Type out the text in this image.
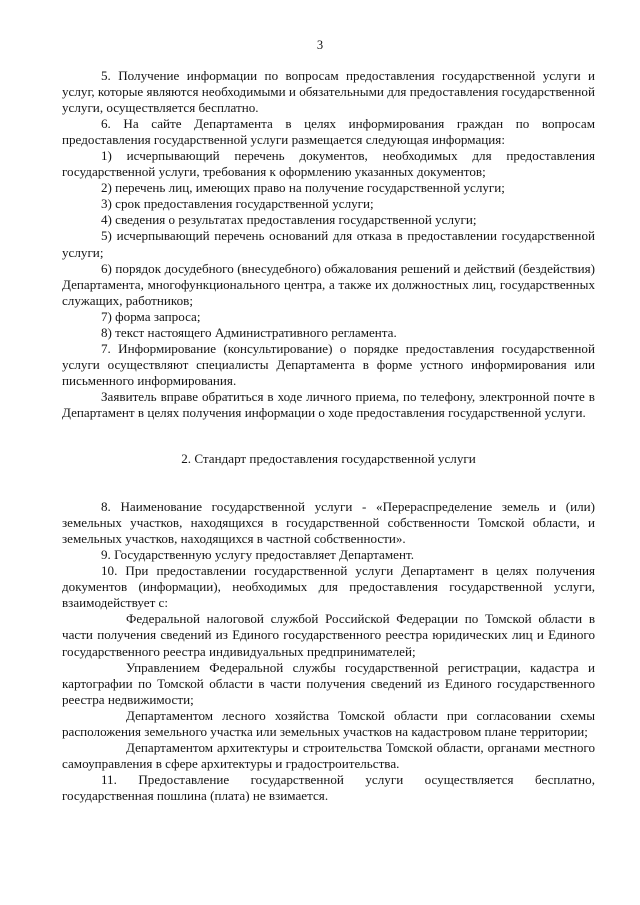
3

5. Получение информации по вопросам предоставления государственной услуги и услуг, которые являются необходимыми и обязательными для предоставления государственной услуги, осуществляется бесплатно.

6. На сайте Департамента в целях информирования граждан по вопросам предоставления государственной услуги размещается следующая информация:

1) исчерпывающий перечень документов, необходимых для предоставления государственной услуги, требования к оформлению указанных документов;

2) перечень лиц, имеющих право на получение государственной услуги;

3) срок предоставления государственной услуги;

4) сведения о результатах предоставления государственной услуги;

5) исчерпывающий перечень оснований для отказа в предоставлении государственной услуги;

6) порядок досудебного (внесудебного) обжалования решений и действий (бездействия) Департамента, многофункционального центра, а также их должностных лиц, государственных служащих, работников;

7) форма запроса;

8) текст настоящего Административного регламента.

7. Информирование (консультирование) о порядке предоставления государственной услуги осуществляют специалисты Департамента в форме устного информирования или письменного информирования.

Заявитель вправе обратиться в ходе личного приема, по телефону, электронной почте в Департамент в целях получения информации о ходе предоставления государственной услуги.

2. Стандарт предоставления государственной услуги

8. Наименование государственной услуги - «Перераспределение земель и (или) земельных участков, находящихся в государственной собственности Томской области, и земельных участков, находящихся в частной собственности».

9. Государственную услугу предоставляет Департамент.

10. При предоставлении государственной услуги Департамент в целях получения документов (информации), необходимых для предоставления государственной услуги, взаимодействует с:

Федеральной налоговой службой Российской Федерации по Томской области в части получения сведений из Единого государственного реестра юридических лиц и Единого государственного реестра индивидуальных предпринимателей;

Управлением Федеральной службы государственной регистрации, кадастра и картографии по Томской области в части получения сведений из Единого государственного реестра недвижимости;

Департаментом лесного хозяйства Томской области при согласовании схемы расположения земельного участка или земельных участков на кадастровом плане территории;

Департаментом архитектуры и строительства Томской области, органами местного самоуправления в сфере архитектуры и градостроительства.

11. Предоставление государственной услуги осуществляется бесплатно, государственная пошлина (плата) не взимается.
